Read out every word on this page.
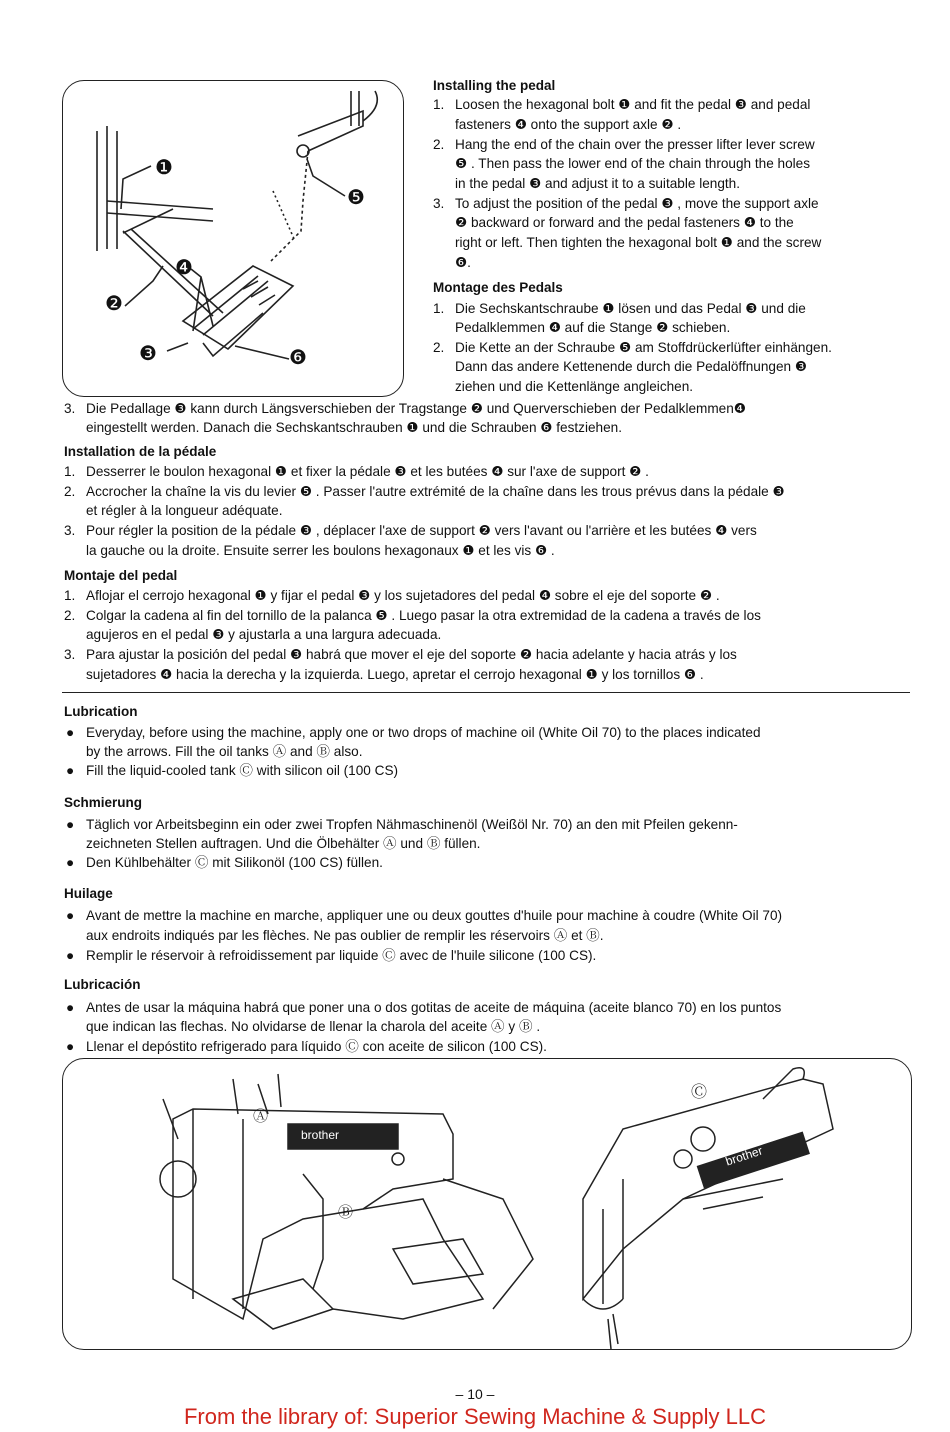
❶
❷
❸
❹
❺
❻
Installing the pedal
1. Loosen the hexagonal bolt ❶ and fit the pedal ❸ and pedal
fasteners ❹ onto the support axle ❷ .
2. Hang the end of the chain over the presser lifter lever screw
❺ . Then pass the lower end of the chain through the holes
in the pedal ❸ and adjust it to a suitable length.
3. To adjust the position of the pedal ❸ , move the support axle
❷ backward or forward and the pedal fasteners ❹ to the
right or left. Then tighten the hexagonal bolt ❶ and the screw
❻.
Montage des Pedals
1. Die Sechskantschraube ❶ lösen und das Pedal ❸ und die
Pedalklemmen ❹ auf die Stange ❷ schieben.
2. Die Kette an der Schraube ❺ am Stoffdrückerlüfter einhängen.
Dann das andere Kettenende durch die Pedalöffnungen ❸
ziehen und die Kettenlänge angleichen.
3. Die Pedallage ❸ kann durch Längsverschieben der Tragstange ❷ und Querverschieben der Pedalklemmen❹
eingestellt werden. Danach die Sechskantschrauben ❶ und die Schrauben ❻ festziehen.
Installation de la pédale
1. Desserrer le boulon hexagonal ❶ et fixer la pédale ❸ et les butées ❹ sur l'axe de support ❷ .
2. Accrocher la chaîne la vis du levier ❺ . Passer l'autre extrémité de la chaîne dans les trous prévus dans la pédale ❸
et régler à la longueur adéquate.
3. Pour régler la position de la pédale ❸ , déplacer l'axe de support ❷ vers l'avant ou l'arrière et les butées ❹ vers
la gauche ou la droite. Ensuite serrer les boulons hexagonaux ❶ et les vis ❻ .
Montaje del pedal
1. Aflojar el cerrojo hexagonal ❶ y fijar el pedal ❸ y los sujetadores del pedal ❹ sobre el eje del soporte ❷ .
2. Colgar la cadena al fin del tornillo de la palanca ❺ . Luego pasar la otra extremidad de la cadena a través de los
agujeros en el pedal ❸ y ajustarla a una largura adecuada.
3. Para ajustar la posición del pedal ❸ habrá que mover el eje del soporte ❷ hacia adelante y hacia atrás y los
sujetadores ❹ hacia la derecha y la izquierda. Luego, apretar el cerrojo hexagonal ❶ y los tornillos ❻ .
Lubrication
● Everyday, before using the machine, apply one or two drops of machine oil (White Oil 70) to the places indicated
by the arrows. Fill the oil tanks Ⓐ and Ⓑ also.
● Fill the liquid-cooled tank Ⓒ with silicon oil (100 CS)
Schmierung
● Täglich vor Arbeitsbeginn ein oder zwei Tropfen Nähmaschinenöl (Weißöl Nr. 70) an den mit Pfeilen gekenn-
zeichneten Stellen auftragen. Und die Ölbehälter Ⓐ und Ⓑ füllen.
● Den Kühlbehälter Ⓒ mit Silikonöl (100 CS) füllen.
Huilage
● Avant de mettre la machine en marche, appliquer une ou deux gouttes d'huile pour machine à coudre (White Oil 70)
aux endroits indiqués par les flèches. Ne pas oublier de remplir les réservoirs Ⓐ et Ⓑ.
● Remplir le réservoir à refroidissement par liquide Ⓒ avec de l'huile silicone (100 CS).
Lubricación
● Antes de usar la máquina habrá que poner una o dos gotitas de aceite de máquina (aceite blanco 70) en los puntos
que indican las flechas. No olvidarse de llenar la charola del aceite Ⓐ y Ⓑ .
● Llenar el depóstito refrigerado para líquido Ⓒ con aceite de silicon (100 CS).
Ⓐ
Ⓑ
Ⓒ
brother
brother
– 10 –
From the library of: Superior Sewing Machine & Supply LLC
